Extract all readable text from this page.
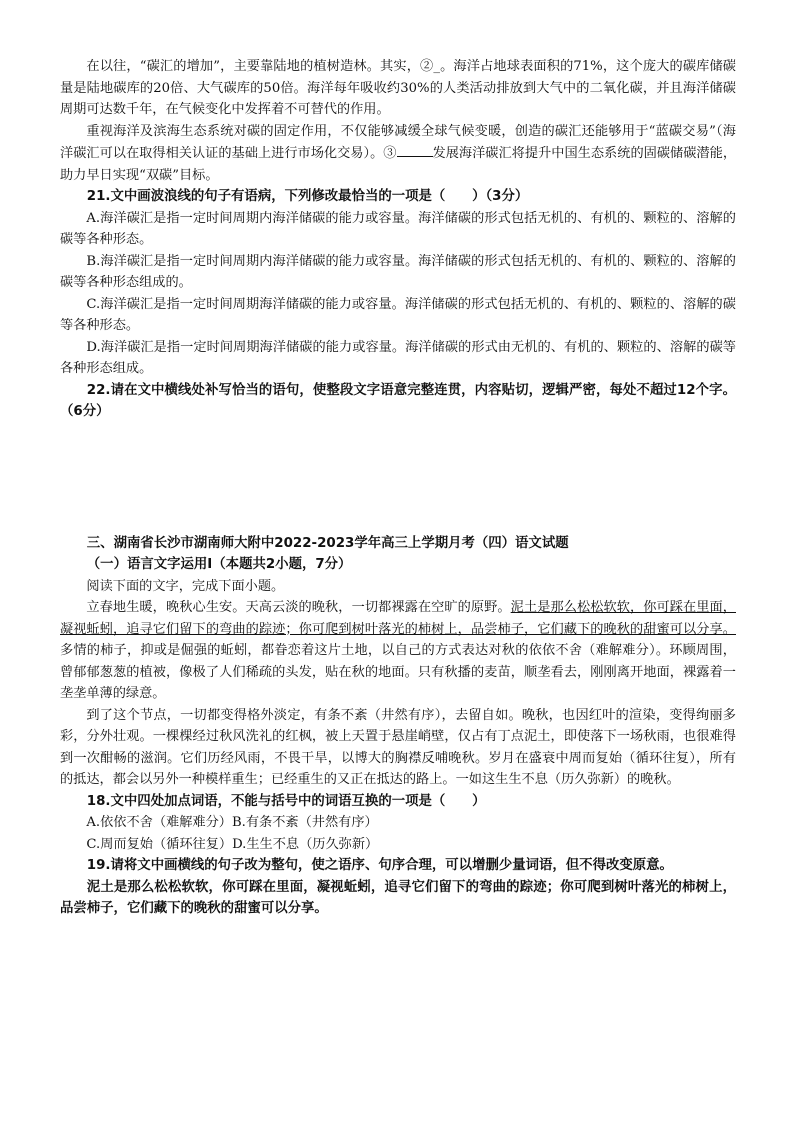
在以往，“碳汇的增加”，主要靠陆地的植树造林。其实，②_。海洋占地球表面积的71%，这个庞大的碳库储碳量是陆地碳库的20倍、大气碳库的50倍。海洋每年吸收约30%的人类活动排放到大气中的二氧化碳，并且海洋储碳周期可达数千年，在气候变化中发挥着不可替代的作用。

重视海洋及滨海生态系统对碳的固定作用，不仅能够减缓全球气候变暖，创造的碳汇还能够用于“蓝碳交易”（海洋碳汇可以在取得相关认证的基础上进行市场化交易）。③	发展海洋碳汇将提升中国生态系统的固碳储碳潜能，助力早日实现“双碳”目标。

21.文中画波浪线的句子有语病，下列修改最恰当的一项是（　　）（3分）

A.海洋碳汇是指一定时间周期内海洋储碳的能力或容量。海洋储碳的形式包括无机的、有机的、颗粒的、溶解的碳等各种形态。

B.海洋碳汇是指一定时间周期内海洋储碳的能力或容量。海洋储碳的形式包括无机的、有机的、颗粒的、溶解的碳等各种形态组成的。

C.海洋碳汇是指一定时间周期海洋储碳的能力或容量。海洋储碳的形式包括无机的、有机的、颗粒的、溶解的碳等各种形态。

D.海洋碳汇是指一定时间周期海洋储碳的能力或容量。海洋储碳的形式由无机的、有机的、颗粒的、溶解的碳等各种形态组成。

22.请在文中横线处补写恰当的语句，使整段文字语意完整连贯，内容贴切，逻辑严密，每处不超过12个字。（6分）

三、湖南省长沙市湖南师大附中2022-2023学年高三上学期月考（四）语文试题

（一）语言文字运用Ⅰ（本题共2小题，7分）

阅读下面的文字，完成下面小题。

立春地生暖，晚秋心生安。天高云淡的晚秋，一切都裸露在空旷的原野。泥土是那么松松软软，你可踩在里面，凝视蚯蚓，追寻它们留下的弯曲的踪迹；你可爬到树叶落光的柿树上，品尝柿子，它们藏下的晚秋的甜蜜可以分享。多情的柿子，抑或是倔强的蚯蚓，都眷恋着这片土地，以自己的方式表达对秋的依依不舍（难解难分）。环顾周围，曾郁郁葱葱的植被，像极了人们稀疏的头发，贴在秋的地面。只有秋播的麦苗，顺垄看去，刚刚离开地面，裸露着一垄垄单薄的绿意。

到了这个节点，一切都变得格外淡定，有条不紊（井然有序），去留自如。晚秋，也因红叶的渲染，变得绚丽多彩，分外壮观。一棵棵经过秋风洗礼的红枫，被上天置于悬崖峭壁，仅占有丁点泥土，即使落下一场秋雨，也很难得到一次酣畅的滋润。它们历经风雨，不畏干旱，以博大的胸襟反哺晚秋。岁月在盛衰中周而复始（循环往复），所有的抵达，都会以另外一种模样重生；已经重生的又正在抵达的路上。一如这生生不息（历久弥新）的晚秋。

18.文中四处加点词语，不能与括号中的词语互换的一项是（　　）

A.依依不舍（难解难分）B.有条不紊（井然有序）

C.周而复始（循环往复）D.生生不息（历久弥新）

19.请将文中画横线的句子改为整句，使之语序、句序合理，可以增删少量词语，但不得改变原意。

泥土是那么松松软软，你可踩在里面，凝视蚯蚓，追寻它们留下的弯曲的踪迹；你可爬到树叶落光的柿树上，品尝柿子，它们藏下的晚秋的甜蜜可以分享。
